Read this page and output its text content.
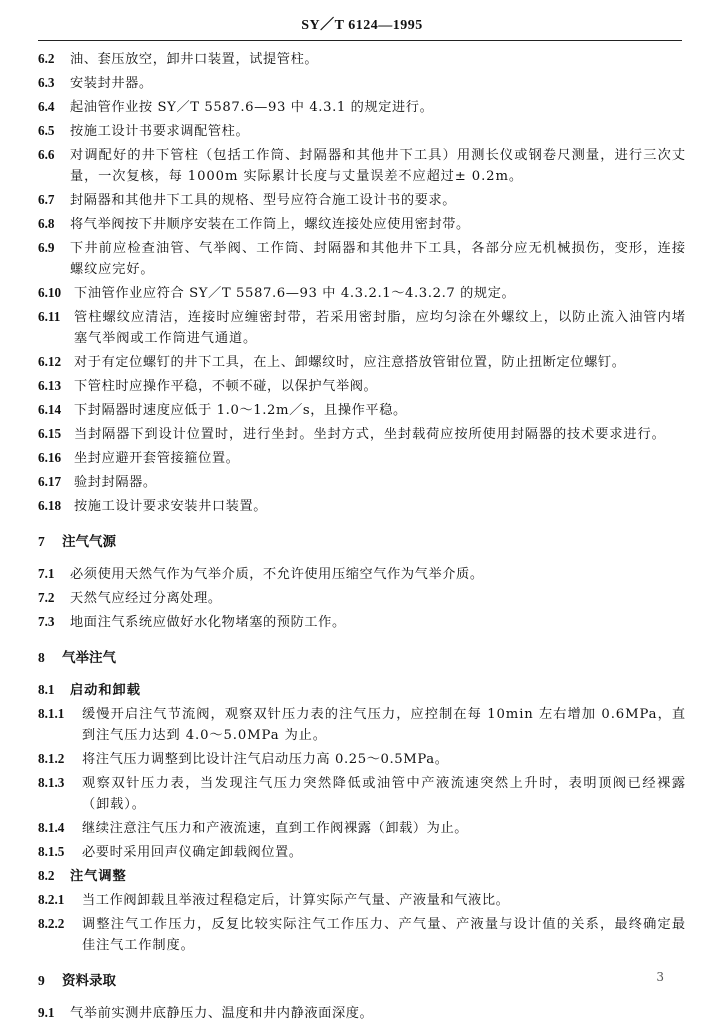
SY／T 6124—1995
6.2	油、套压放空，卸井口装置，试提管柱。
6.3	安装封井器。
6.4	起油管作业按 SY／T 5587.6—93 中 4.3.1 的规定进行。
6.5	按施工设计书要求调配管柱。
6.6	对调配好的井下管柱（包括工作筒、封隔器和其他井下工具）用测长仪或钢卷尺测量，进行三次丈量，一次复核，每 1000m 实际累计长度与丈量误差不应超过± 0.2m。
6.7	封隔器和其他井下工具的规格、型号应符合施工设计书的要求。
6.8	将气举阀按下井顺序安装在工作筒上，螺纹连接处应使用密封带。
6.9	下井前应检查油管、气举阀、工作筒、封隔器和其他井下工具，各部分应无机械损伤，变形，连接螺纹应完好。
6.10 下油管作业应符合 SY／T 5587.6—93 中 4.3.2.1～4.3.2.7 的规定。
6.11	管柱螺纹应清洁，连接时应缠密封带，若采用密封脂，应均匀涂在外螺纹上，以防止流入油管内堵塞气举阀或工作筒进气通道。
6.12 对于有定位螺钉的井下工具，在上、卸螺纹时，应注意搭放管钳位置，防止扭断定位螺钉。
6.13 下管柱时应操作平稳，不顿不碰，以保护气举阀。
6.14 下封隔器时速度应低于 1.0～1.2m／s，且操作平稳。
6.15 当封隔器下到设计位置时，进行坐封。坐封方式，坐封载荷应按所使用封隔器的技术要求进行。
6.16 坐封应避开套管接箍位置。
6.17 验封封隔器。
6.18 按施工设计要求安装井口装置。
7	注气气源
7.1	必须使用天然气作为气举介质，不允许使用压缩空气作为气举介质。
7.2	天然气应经过分离处理。
7.3	地面注气系统应做好水化物堵塞的预防工作。
8	气举注气
8.1	启动和卸载
8.1.1	缓慢开启注气节流阀，观察双针压力表的注气压力，应控制在每 10min 左右增加 0.6MPa，直到注气压力达到 4.0～5.0MPa 为止。
8.1.2	将注气压力调整到比设计注气启动压力高 0.25～0.5MPa。
8.1.3	观察双针压力表，当发现注气压力突然降低或油管中产液流速突然上升时，表明顶阀已经裸露（卸载）。
8.1.4	继续注意注气压力和产液流速，直到工作阀裸露（卸载）为止。
8.1.5	必要时采用回声仪确定卸载阀位置。
8.2	注气调整
8.2.1	当工作阀卸载且举液过程稳定后，计算实际产气量、产液量和气液比。
8.2.2	调整注气工作压力，反复比较实际注气工作压力、产气量、产液量与设计值的关系，最终确定最佳注气工作制度。
9	资料录取
9.1	气举前实测井底静压力、温度和井内静液面深度。
3
